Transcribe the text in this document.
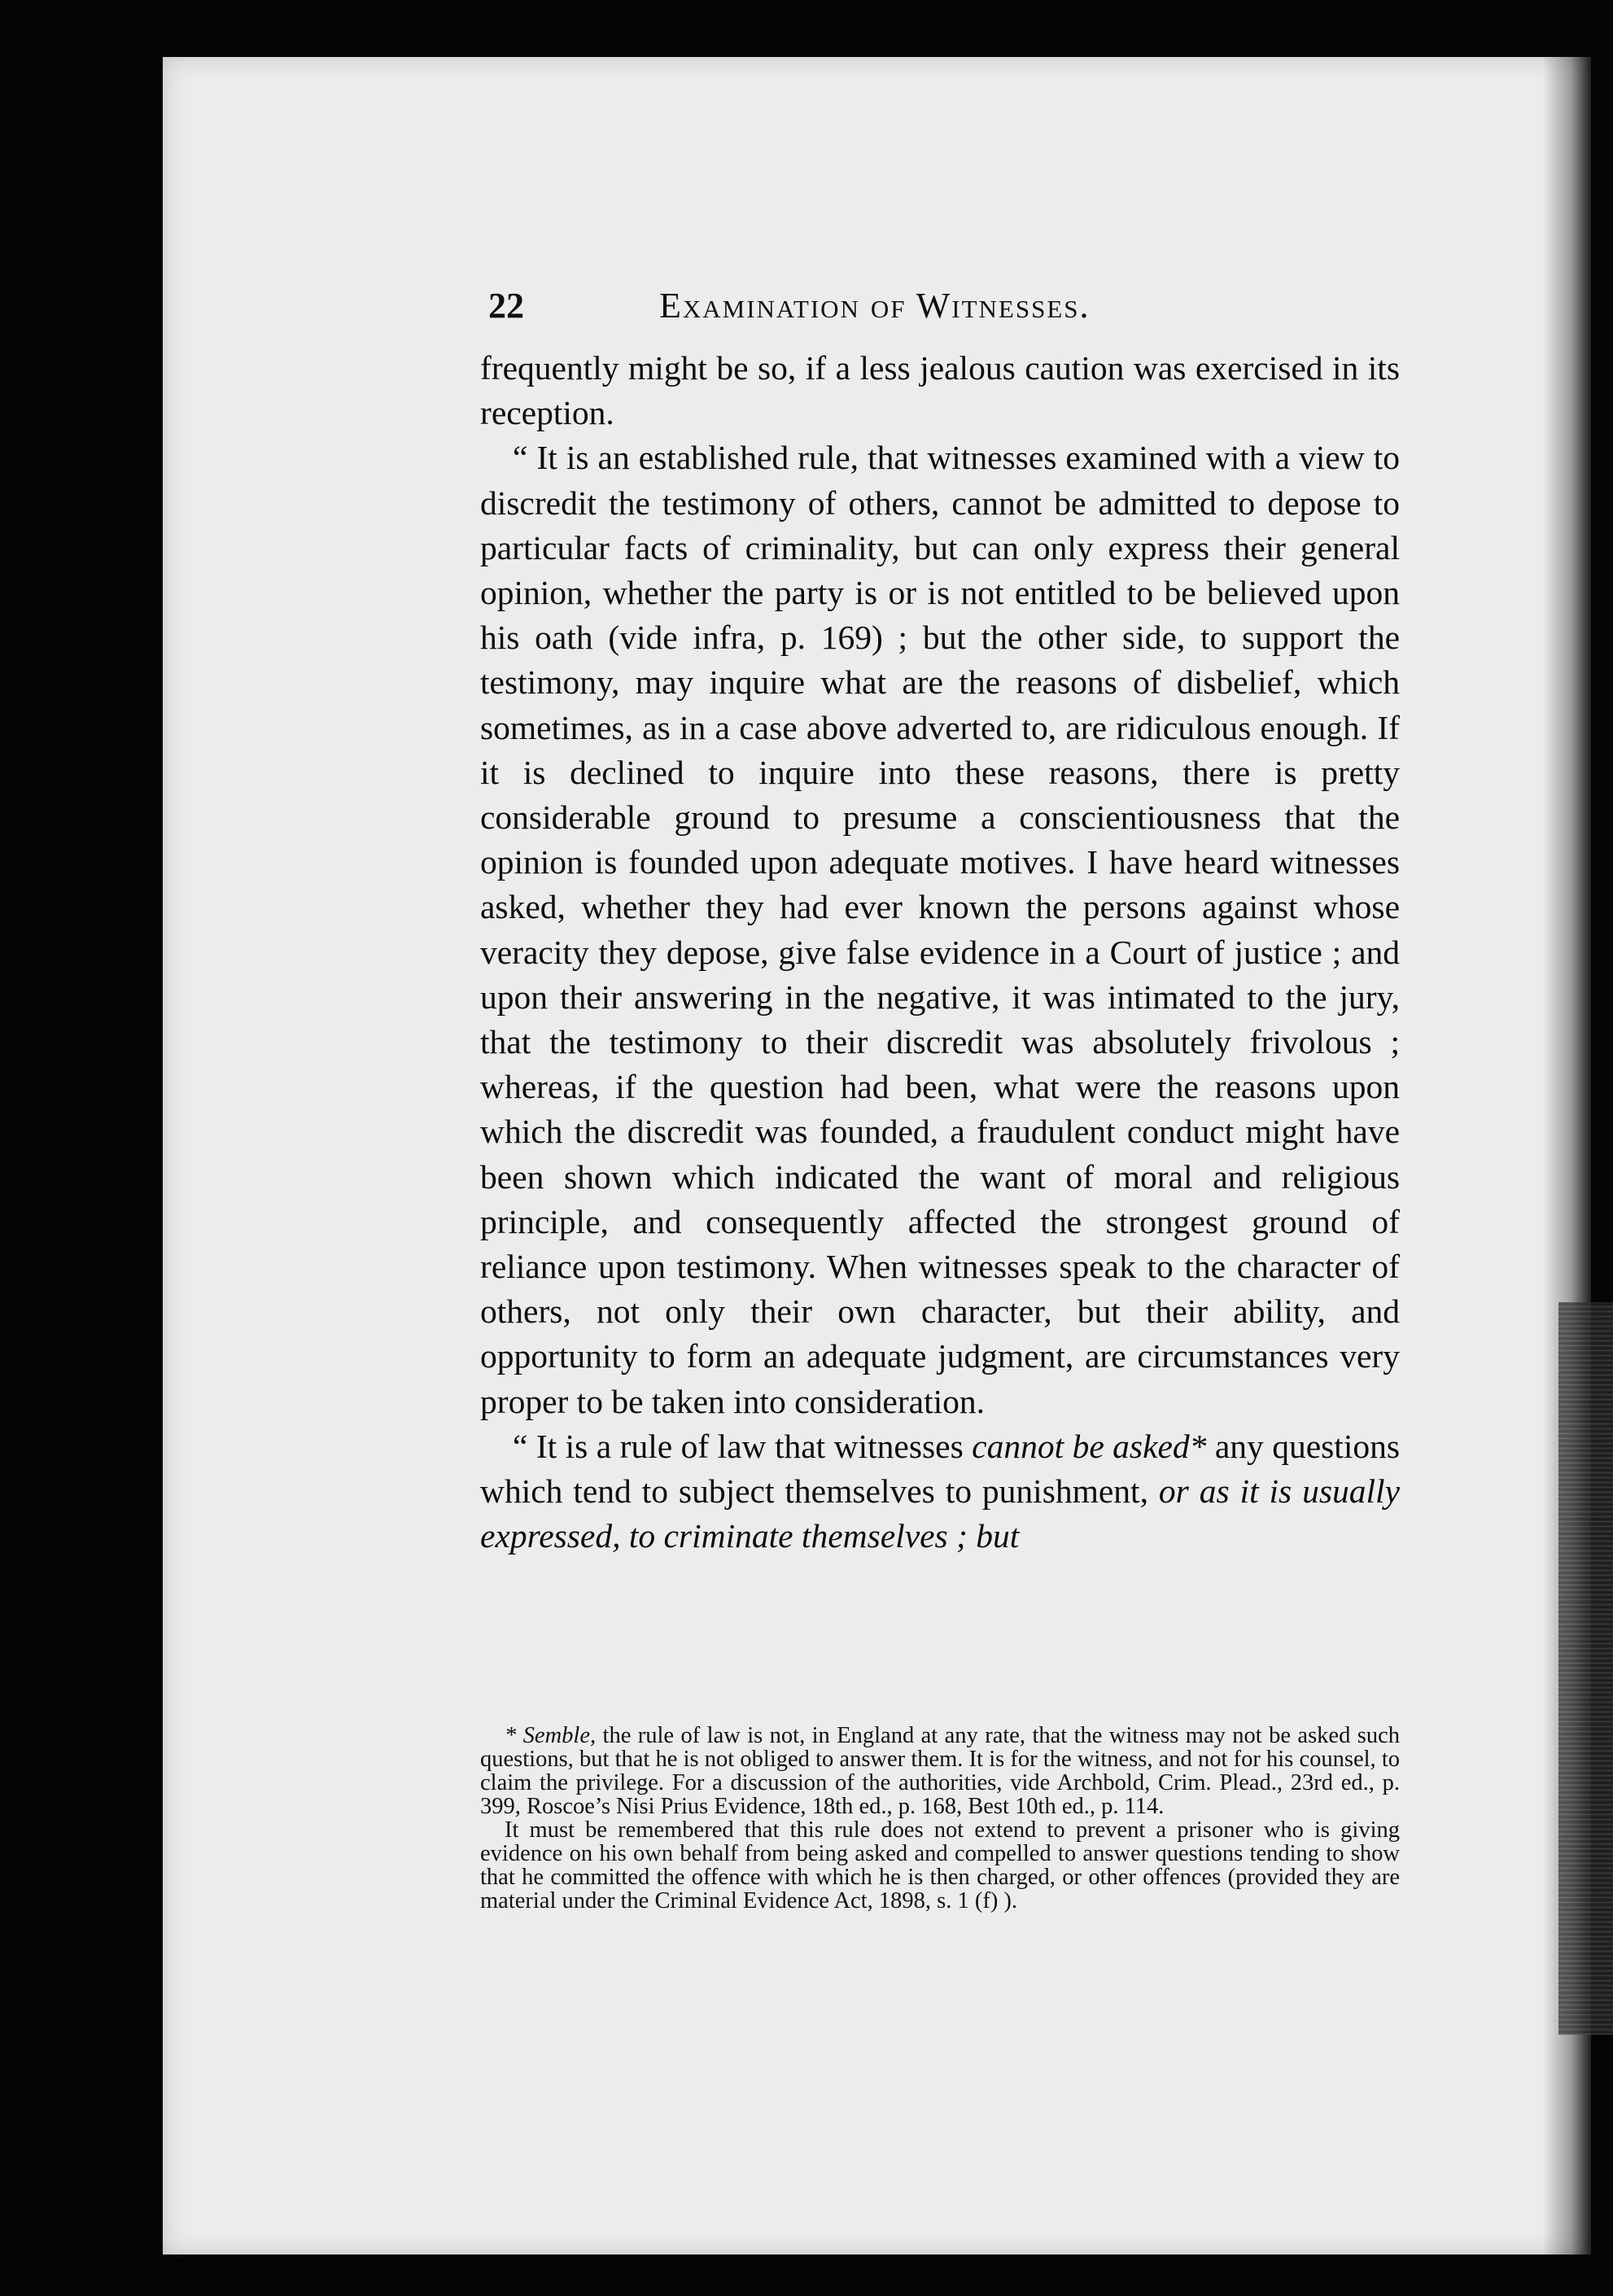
22	Examination of Witnesses.

frequently might be so, if a less jealous caution was exercised in its reception.

“ It is an established rule, that witnesses examined with a view to discredit the testimony of others, cannot be admitted to depose to particular facts of criminality, but can only express their general opinion, whether the party is or is not entitled to be believed upon his oath (vide infra, p. 169) ; but the other side, to support the testimony, may inquire what are the reasons of disbelief, which sometimes, as in a case above adverted to, are ridiculous enough. If it is declined to inquire into these reasons, there is pretty considerable ground to presume a conscientiousness that the opinion is founded upon adequate motives. I have heard witnesses asked, whether they had ever known the persons against whose veracity they depose, give false evidence in a Court of justice ; and upon their answering in the negative, it was intimated to the jury, that the testimony to their discredit was absolutely frivolous ; whereas, if the question had been, what were the reasons upon which the discredit was founded, a fraudulent conduct might have been shown which indicated the want of moral and religious principle, and consequently affected the strongest ground of reliance upon testimony. When witnesses speak to the character of others, not only their own character, but their ability, and opportunity to form an adequate judgment, are circumstances very proper to be taken into consideration.

“ It is a rule of law that witnesses cannot be asked* any questions which tend to subject themselves to punishment, or as it is usually expressed, to criminate themselves ; but

* Semble, the rule of law is not, in England at any rate, that the witness may not be asked such questions, but that he is not obliged to answer them. It is for the witness, and not for his counsel, to claim the privilege. For a discussion of the authorities, vide Archbold, Crim. Plead., 23rd ed., p. 399, Roscoe’s Nisi Prius Evidence, 18th ed., p. 168, Best 10th ed., p. 114.

It must be remembered that this rule does not extend to prevent a prisoner who is giving evidence on his own behalf from being asked and compelled to answer questions tending to show that he committed the offence with which he is then charged, or other offences (provided they are material under the Criminal Evidence Act, 1898, s. 1 (f) ).
